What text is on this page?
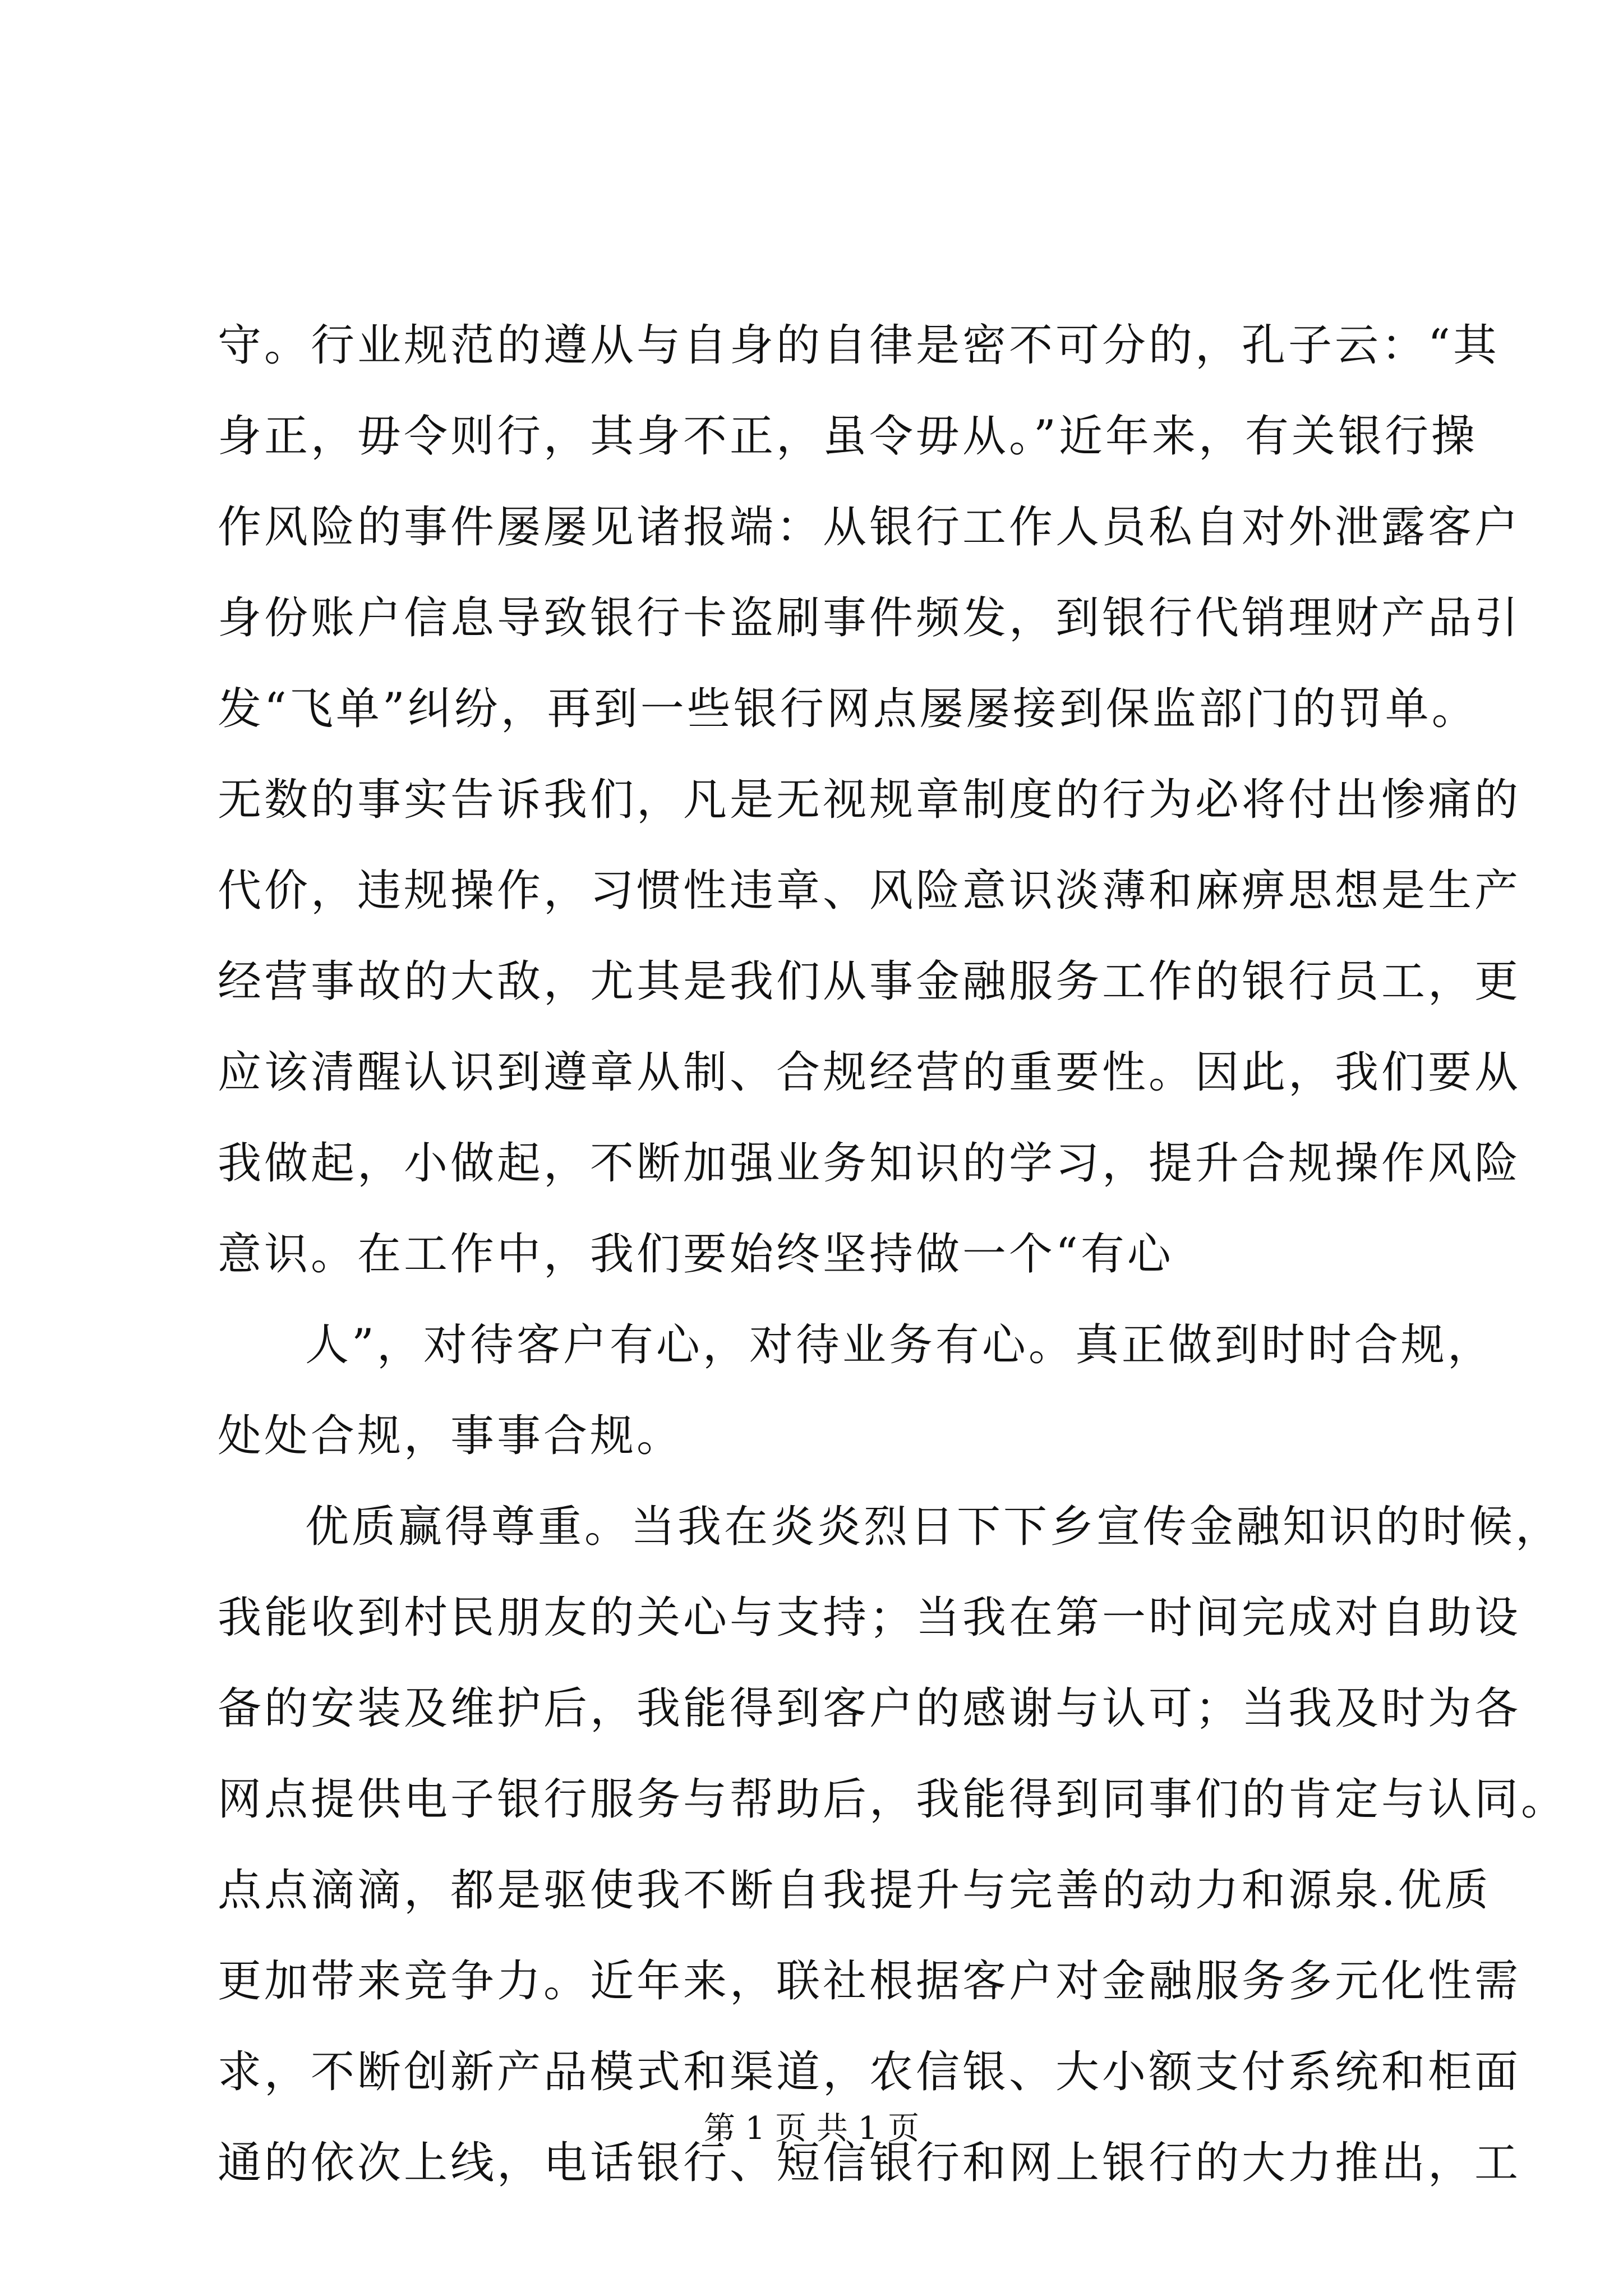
守。行业规范的遵从与自身的自律是密不可分的，孔子云：“其
身正，毋令则行，其身不正，虽令毋从。”近年来，有关银行操
作风险的事件屡屡见诸报端：从银行工作人员私自对外泄露客户
身份账户信息导致银行卡盗刷事件频发，到银行代销理财产品引
发“飞单”纠纷，再到一些银行网点屡屡接到保监部门的罚单。
无数的事实告诉我们，凡是无视规章制度的行为必将付出惨痛的
代价，违规操作，习惯性违章、风险意识淡薄和麻痹思想是生产
经营事故的大敌，尤其是我们从事金融服务工作的银行员工，更
应该清醒认识到遵章从制、合规经营的重要性。因此，我们要从
我做起，小做起，不断加强业务知识的学习，提升合规操作风险
意识。在工作中，我们要始终坚持做一个“有心
人”，对待客户有心，对待业务有心。真正做到时时合规，
处处合规，事事合规。
优质赢得尊重。当我在炎炎烈日下下乡宣传金融知识的时候，
我能收到村民朋友的关心与支持；当我在第一时间完成对自助设
备的安装及维护后，我能得到客户的感谢与认可；当我及时为各
网点提供电子银行服务与帮助后，我能得到同事们的肯定与认同。
点点滴滴，都是驱使我不断自我提升与完善的动力和源泉.优质
更加带来竞争力。近年来，联社根据客户对金融服务多元化性需
求，不断创新产品模式和渠道，农信银、大小额支付系统和柜面
通的依次上线，电话银行、短信银行和网上银行的大力推出，工
第 1 页 共 1 页
